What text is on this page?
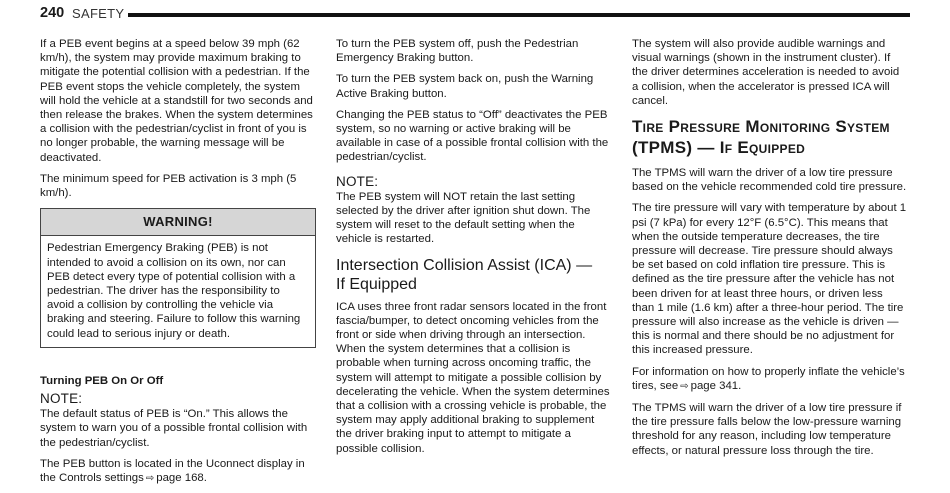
240 SAFETY

If a PEB event begins at a speed below 39 mph (62 km/h), the system may provide maximum braking to mitigate the potential collision with a pedestrian. If the PEB event stops the vehicle completely, the system will hold the vehicle at a standstill for two seconds and then release the brakes. When the system determines a collision with the pedestrian/cyclist in front of you is no longer probable, the warning message will be deactivated.

The minimum speed for PEB activation is 3 mph (5 km/h).

WARNING!
Pedestrian Emergency Braking (PEB) is not intended to avoid a collision on its own, nor can PEB detect every type of potential collision with a pedestrian. The driver has the responsibility to avoid a collision by controlling the vehicle via braking and steering. Failure to follow this warning could lead to serious injury or death.
Turning PEB On Or Off
NOTE:

The default status of PEB is “On.” This allows the system to warn you of a possible frontal collision with the pedestrian/cyclist.

The PEB button is located in the Uconnect display in the Controls settings ⇨ page 168.

To turn the PEB system off, push the Pedestrian Emergency Braking button.

To turn the PEB system back on, push the Warning Active Braking button.

Changing the PEB status to “Off” deactivates the PEB system, so no warning or active braking will be available in case of a possible frontal collision with the pedestrian/cyclist.

NOTE:

The PEB system will NOT retain the last setting selected by the driver after ignition shut down. The system will reset to the default setting when the vehicle is restarted.

Intersection Collision Assist (ICA) —
If Equipped

ICA uses three front radar sensors located in the front fascia/bumper, to detect oncoming vehicles from the front or side when driving through an intersection. When the system determines that a collision is probable when turning across oncoming traffic, the system will attempt to mitigate a possible collision by decelerating the vehicle. When the system determines that a collision with a crossing vehicle is probable, the system may apply additional braking to supplement the driver braking input to attempt to mitigate a possible collision.

The system will also provide audible warnings and visual warnings (shown in the instrument cluster). If the driver determines acceleration is needed to avoid a collision, when the accelerator is pressed ICA will cancel.

Tire Pressure Monitoring System
(TPMS) — If Equipped

The TPMS will warn the driver of a low tire pressure based on the vehicle recommended cold tire pressure.

The tire pressure will vary with temperature by about 1 psi (7 kPa) for every 12°F (6.5°C). This means that when the outside temperature decreases, the tire pressure will decrease. Tire pressure should always be set based on cold inflation tire pressure. This is defined as the tire pressure after the vehicle has not been driven for at least three hours, or driven less than 1 mile (1.6 km) after a three-hour period. The tire pressure will also increase as the vehicle is driven — this is normal and there should be no adjustment for this increased pressure.

For information on how to properly inflate the vehicle’s tires, see ⇨ page 341.

The TPMS will warn the driver of a low tire pressure if the tire pressure falls below the low-pressure warning threshold for any reason, including low temperature effects, or natural pressure loss through the tire.
